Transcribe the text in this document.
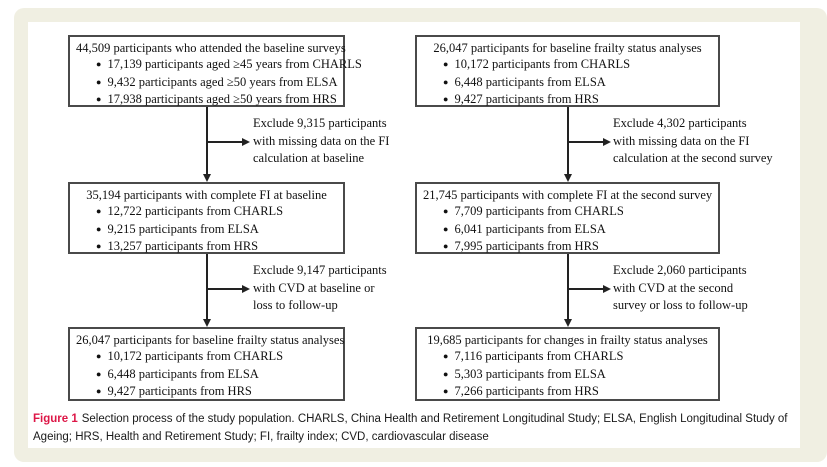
44,509 participants who attended the baseline surveys
● 17,139 participants aged ≥45 years from CHARLS
● 9,432 participants aged ≥50 years from ELSA
● 17,938 participants aged ≥50 years from HRS
35,194 participants with complete FI at baseline
● 12,722 participants from CHARLS
● 9,215 participants from ELSA
● 13,257 participants from HRS
26,047 participants for baseline frailty status analyses
● 10,172 participants from CHARLS
● 6,448 participants from ELSA
● 9,427 participants from HRS
26,047 participants for baseline frailty status analyses
● 10,172 participants from CHARLS
● 6,448 participants from ELSA
● 9,427 participants from HRS
21,745 participants with complete FI at the second survey
● 7,709 participants from CHARLS
● 6,041 participants from ELSA
● 7,995 participants from HRS
19,685 participants for changes in frailty status analyses
● 7,116 participants from CHARLS
● 5,303 participants from ELSA
● 7,266 participants from HRS
Exclude 9,315 participants
with missing data on the FI
calculation at baseline
Exclude 9,147 participants
with CVD at baseline or
loss to follow-up
Exclude 4,302 participants
with missing data on the FI
calculation at the second survey
Exclude 2,060 participants
with CVD at the second
survey or loss to follow-up
Figure 1 Selection process of the study population. CHARLS, China Health and Retirement Longitudinal Study; ELSA, English Longitudinal Study of Ageing; HRS, Health and Retirement Study; FI, frailty index; CVD, cardiovascular disease
